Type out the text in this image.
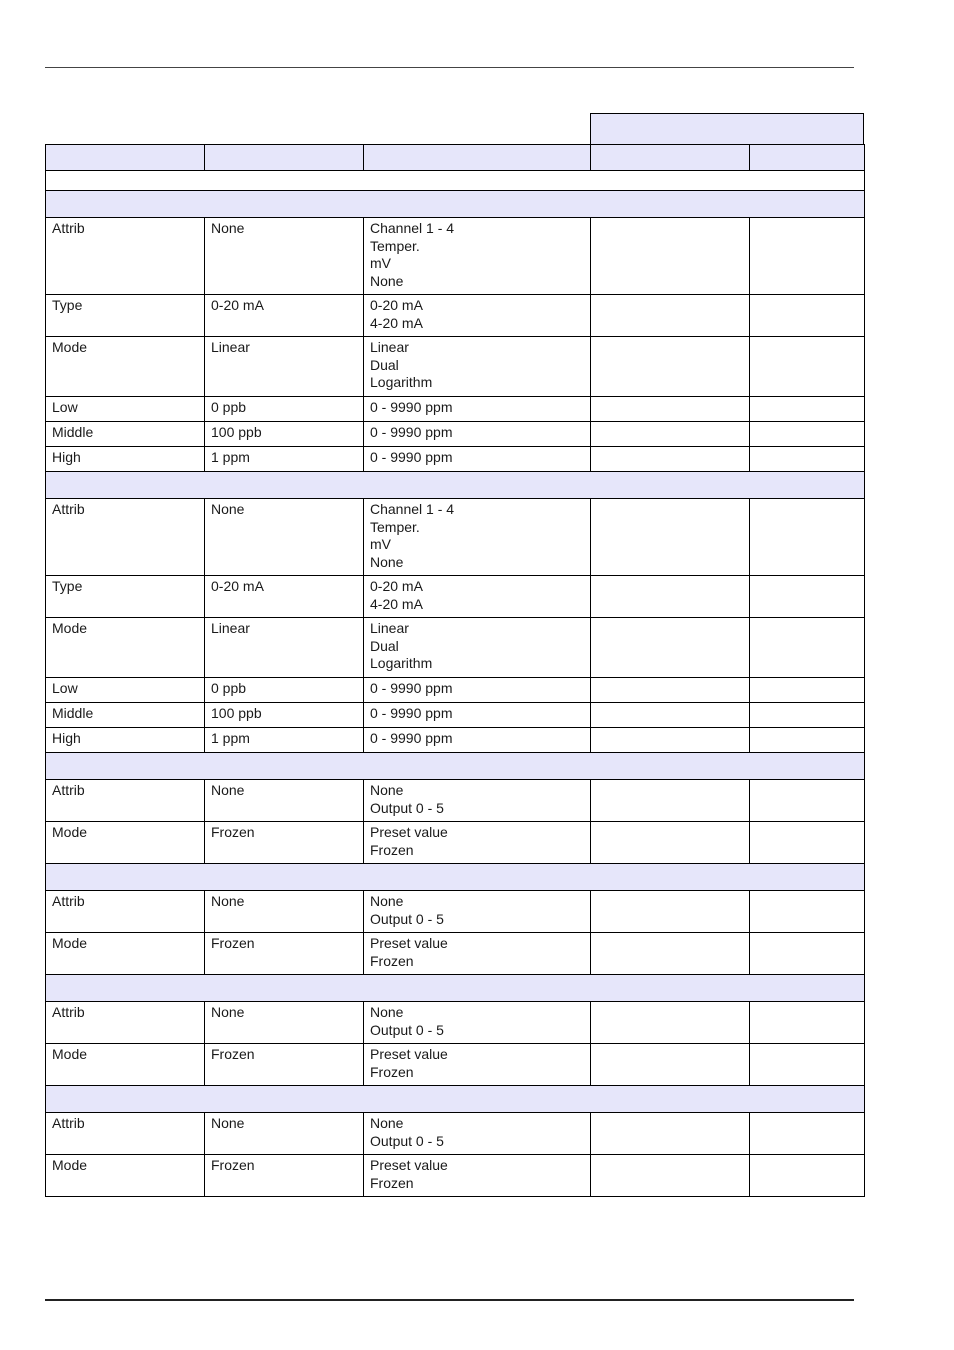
Attrib	None	Channel 1 - 4
Temper.
mV
None		

Type	0-20 mA	0-20 mA
4-20 mA		

Mode	Linear	Linear
Dual
Logarithm		

Low	0 ppb	0 - 9990 ppm		

Middle	100 ppb	0 - 9990 ppm		

High	1 ppm	0 - 9990 ppm		

Attrib	None	Channel 1 - 4
Temper.
mV
None		

Type	0-20 mA	0-20 mA
4-20 mA		

Mode	Linear	Linear
Dual
Logarithm		

Low	0 ppb	0 - 9990 ppm		

Middle	100 ppb	0 - 9990 ppm		

High	1 ppm	0 - 9990 ppm		

Attrib	None	None
Output 0 - 5		

Mode	Frozen	Preset value
Frozen		

Attrib	None	None
Output 0 - 5		

Mode	Frozen	Preset value
Frozen		

Attrib	None	None
Output 0 - 5		

Mode	Frozen	Preset value
Frozen		

Attrib	None	None
Output 0 - 5		

Mode	Frozen	Preset value
Frozen		
